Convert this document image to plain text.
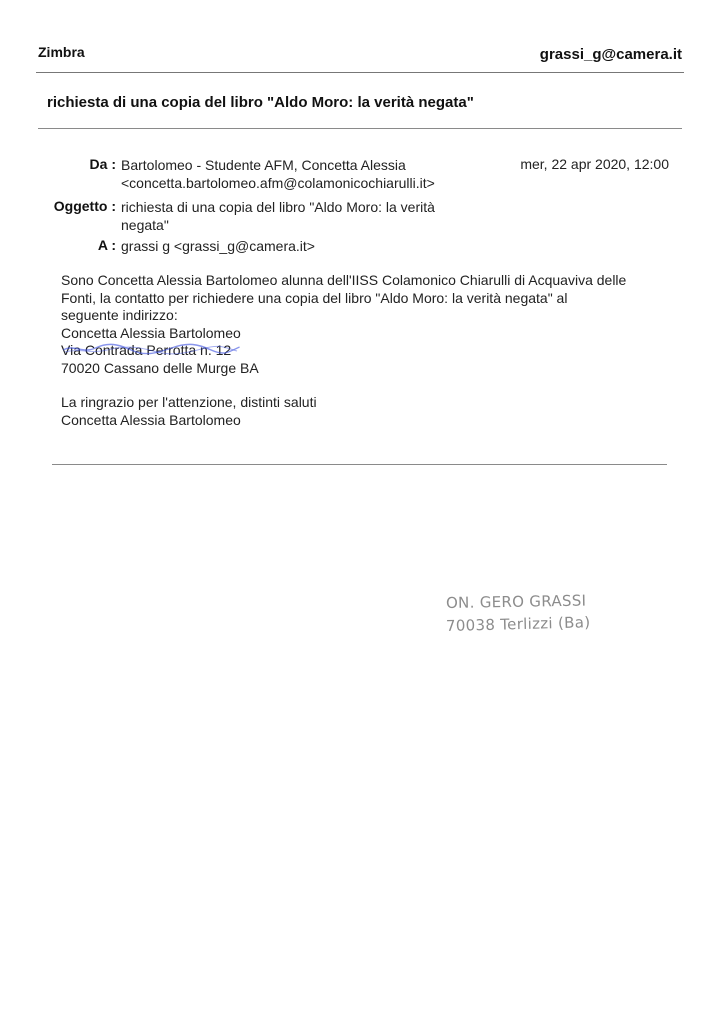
Zimbra	grassi_g@camera.it
richiesta di una copia del libro "Aldo Moro: la verità negata"
Da : Bartolomeo - Studente AFM, Concetta Alessia
<concetta.bartolomeo.afm@colamonicochiarulli.it>
mer, 22 apr 2020, 12:00
Oggetto : richiesta di una copia del libro "Aldo Moro: la verità
negata"
A : grassi g <grassi_g@camera.it>

Sono Concetta Alessia Bartolomeo alunna dell'IISS Colamonico Chiarulli di Acquaviva delle

Fonti, la contatto per richiedere una copia del libro "Aldo Moro: la verità negata" al

seguente indirizzo:

Concetta Alessia Bartolomeo

Via Contrada Perrotta n. 12

70020 Cassano delle Murge BA

La ringrazio per l'attenzione, distinti saluti

Concetta Alessia Bartolomeo

ON. GERO GRASSI
70038 Terlizzi (Ba)
